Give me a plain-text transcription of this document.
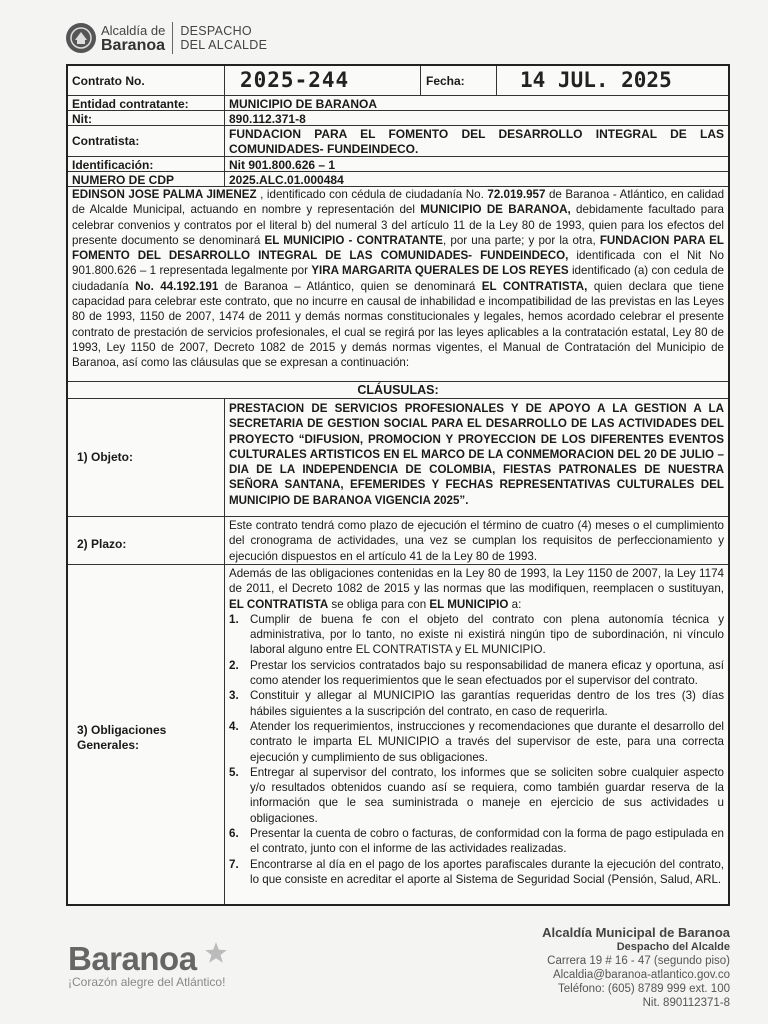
Alcaldía de
Baranoa
DESPACHO
DEL ALCALDE
Contrato No.	2025-244	Fecha:	14 JUL. 2025
Entidad contratante:	MUNICIPIO DE BARANOA
Nit:	890.112.371-8
Contratista:	FUNDACION PARA EL FOMENTO DEL DESARROLLO INTEGRAL DE LAS COMUNIDADES- FUNDEINDECO.
Identificación:	Nit 901.800.626 – 1
NUMERO DE CDP	2025.ALC.01.000484
EDINSON JOSE PALMA JIMENEZ , identificado con cédula de ciudadanía No. 72.019.957 de Baranoa - Atlántico, en calidad de Alcalde Municipal, actuando en nombre y representación del MUNICIPIO DE BARANOA, debidamente facultado para celebrar convenios y contratos por el literal b) del numeral 3 del artículo 11 de la Ley 80 de 1993, quien para los efectos del presente documento se denominará EL MUNICIPIO - CONTRATANTE, por una parte; y por la otra, FUNDACION PARA EL FOMENTO DEL DESARROLLO INTEGRAL DE LAS COMUNIDADES- FUNDEINDECO, identificada con el Nit No 901.800.626 – 1 representada legalmente por YIRA MARGARITA QUERALES DE LOS REYES identificado (a) con cedula de ciudadanía No. 44.192.191 de Baranoa – Atlántico, quien se denominará EL CONTRATISTA, quien declara que tiene capacidad para celebrar este contrato, que no incurre en causal de inhabilidad e incompatibilidad de las previstas en las Leyes 80 de 1993, 1150 de 2007, 1474 de 2011 y demás normas constitucionales y legales, hemos acordado celebrar el presente contrato de prestación de servicios profesionales, el cual se regirá por las leyes aplicables a la contratación estatal, Ley 80 de 1993, Ley 1150 de 2007, Decreto 1082 de 2015 y demás normas vigentes, el Manual de Contratación del Municipio de Baranoa, así como las cláusulas que se expresan a continuación:
CLÁUSULAS:
1) Objeto:
PRESTACION DE SERVICIOS PROFESIONALES Y DE APOYO A LA GESTION A LA SECRETARIA DE GESTION SOCIAL PARA EL DESARROLLO DE LAS ACTIVIDADES DEL PROYECTO “DIFUSION, PROMOCION Y PROYECCION DE LOS DIFERENTES EVENTOS CULTURALES ARTISTICOS EN EL MARCO DE LA CONMEMORACION DEL 20 DE JULIO – DIA DE LA INDEPENDENCIA DE COLOMBIA, FIESTAS PATRONALES DE NUESTRA SEÑORA SANTANA, EFEMERIDES Y FECHAS REPRESENTATIVAS CULTURALES DEL MUNICIPIO DE BARANOA VIGENCIA 2025”.
2) Plazo:
Este contrato tendrá como plazo de ejecución el término de cuatro (4) meses o el cumplimiento del cronograma de actividades, una vez se cumplan los requisitos de perfeccionamiento y ejecución dispuestos en el artículo 41 de la Ley 80 de 1993.
3) Obligaciones
Generales:
Además de las obligaciones contenidas en la Ley 80 de 1993, la Ley 1150 de 2007, la Ley 1174 de 2011, el Decreto 1082 de 2015 y las normas que las modifiquen, reemplacen o sustituyan, EL CONTRATISTA se obliga para con EL MUNICIPIO a:
1. Cumplir de buena fe con el objeto del contrato con plena autonomía técnica y administrativa, por lo tanto, no existe ni existirá ningún tipo de subordinación, ni vínculo laboral alguno entre EL CONTRATISTA y EL MUNICIPIO.
2. Prestar los servicios contratados bajo su responsabilidad de manera eficaz y oportuna, así como atender los requerimientos que le sean efectuados por el supervisor del contrato.
3. Constituir y allegar al MUNICIPIO las garantías requeridas dentro de los tres (3) días hábiles siguientes a la suscripción del contrato, en caso de requerirla.
4. Atender los requerimientos, instrucciones y recomendaciones que durante el desarrollo del contrato le imparta EL MUNICIPIO a través del supervisor de este, para una correcta ejecución y cumplimiento de sus obligaciones.
5. Entregar al supervisor del contrato, los informes que se soliciten sobre cualquier aspecto y/o resultados obtenidos cuando así se requiera, como también guardar reserva de la información que le sea suministrada o maneje en ejercicio de sus actividades u obligaciones.
6. Presentar la cuenta de cobro o facturas, de conformidad con la forma de pago estipulada en el contrato, junto con el informe de las actividades realizadas.
7. Encontrarse al día en el pago de los aportes parafiscales durante la ejecución del contrato, lo que consiste en acreditar el aporte al Sistema de Seguridad Social (Pensión, Salud, ARL.
Baranoa
¡Corazón alegre del Atlántico!
Alcaldía Municipal de Baranoa
Despacho del Alcalde
Carrera 19 # 16 - 47 (segundo piso)
Alcaldia@baranoa-atlantico.gov.co
Teléfono: (605) 8789 999 ext. 100
Nit. 890112371-8
